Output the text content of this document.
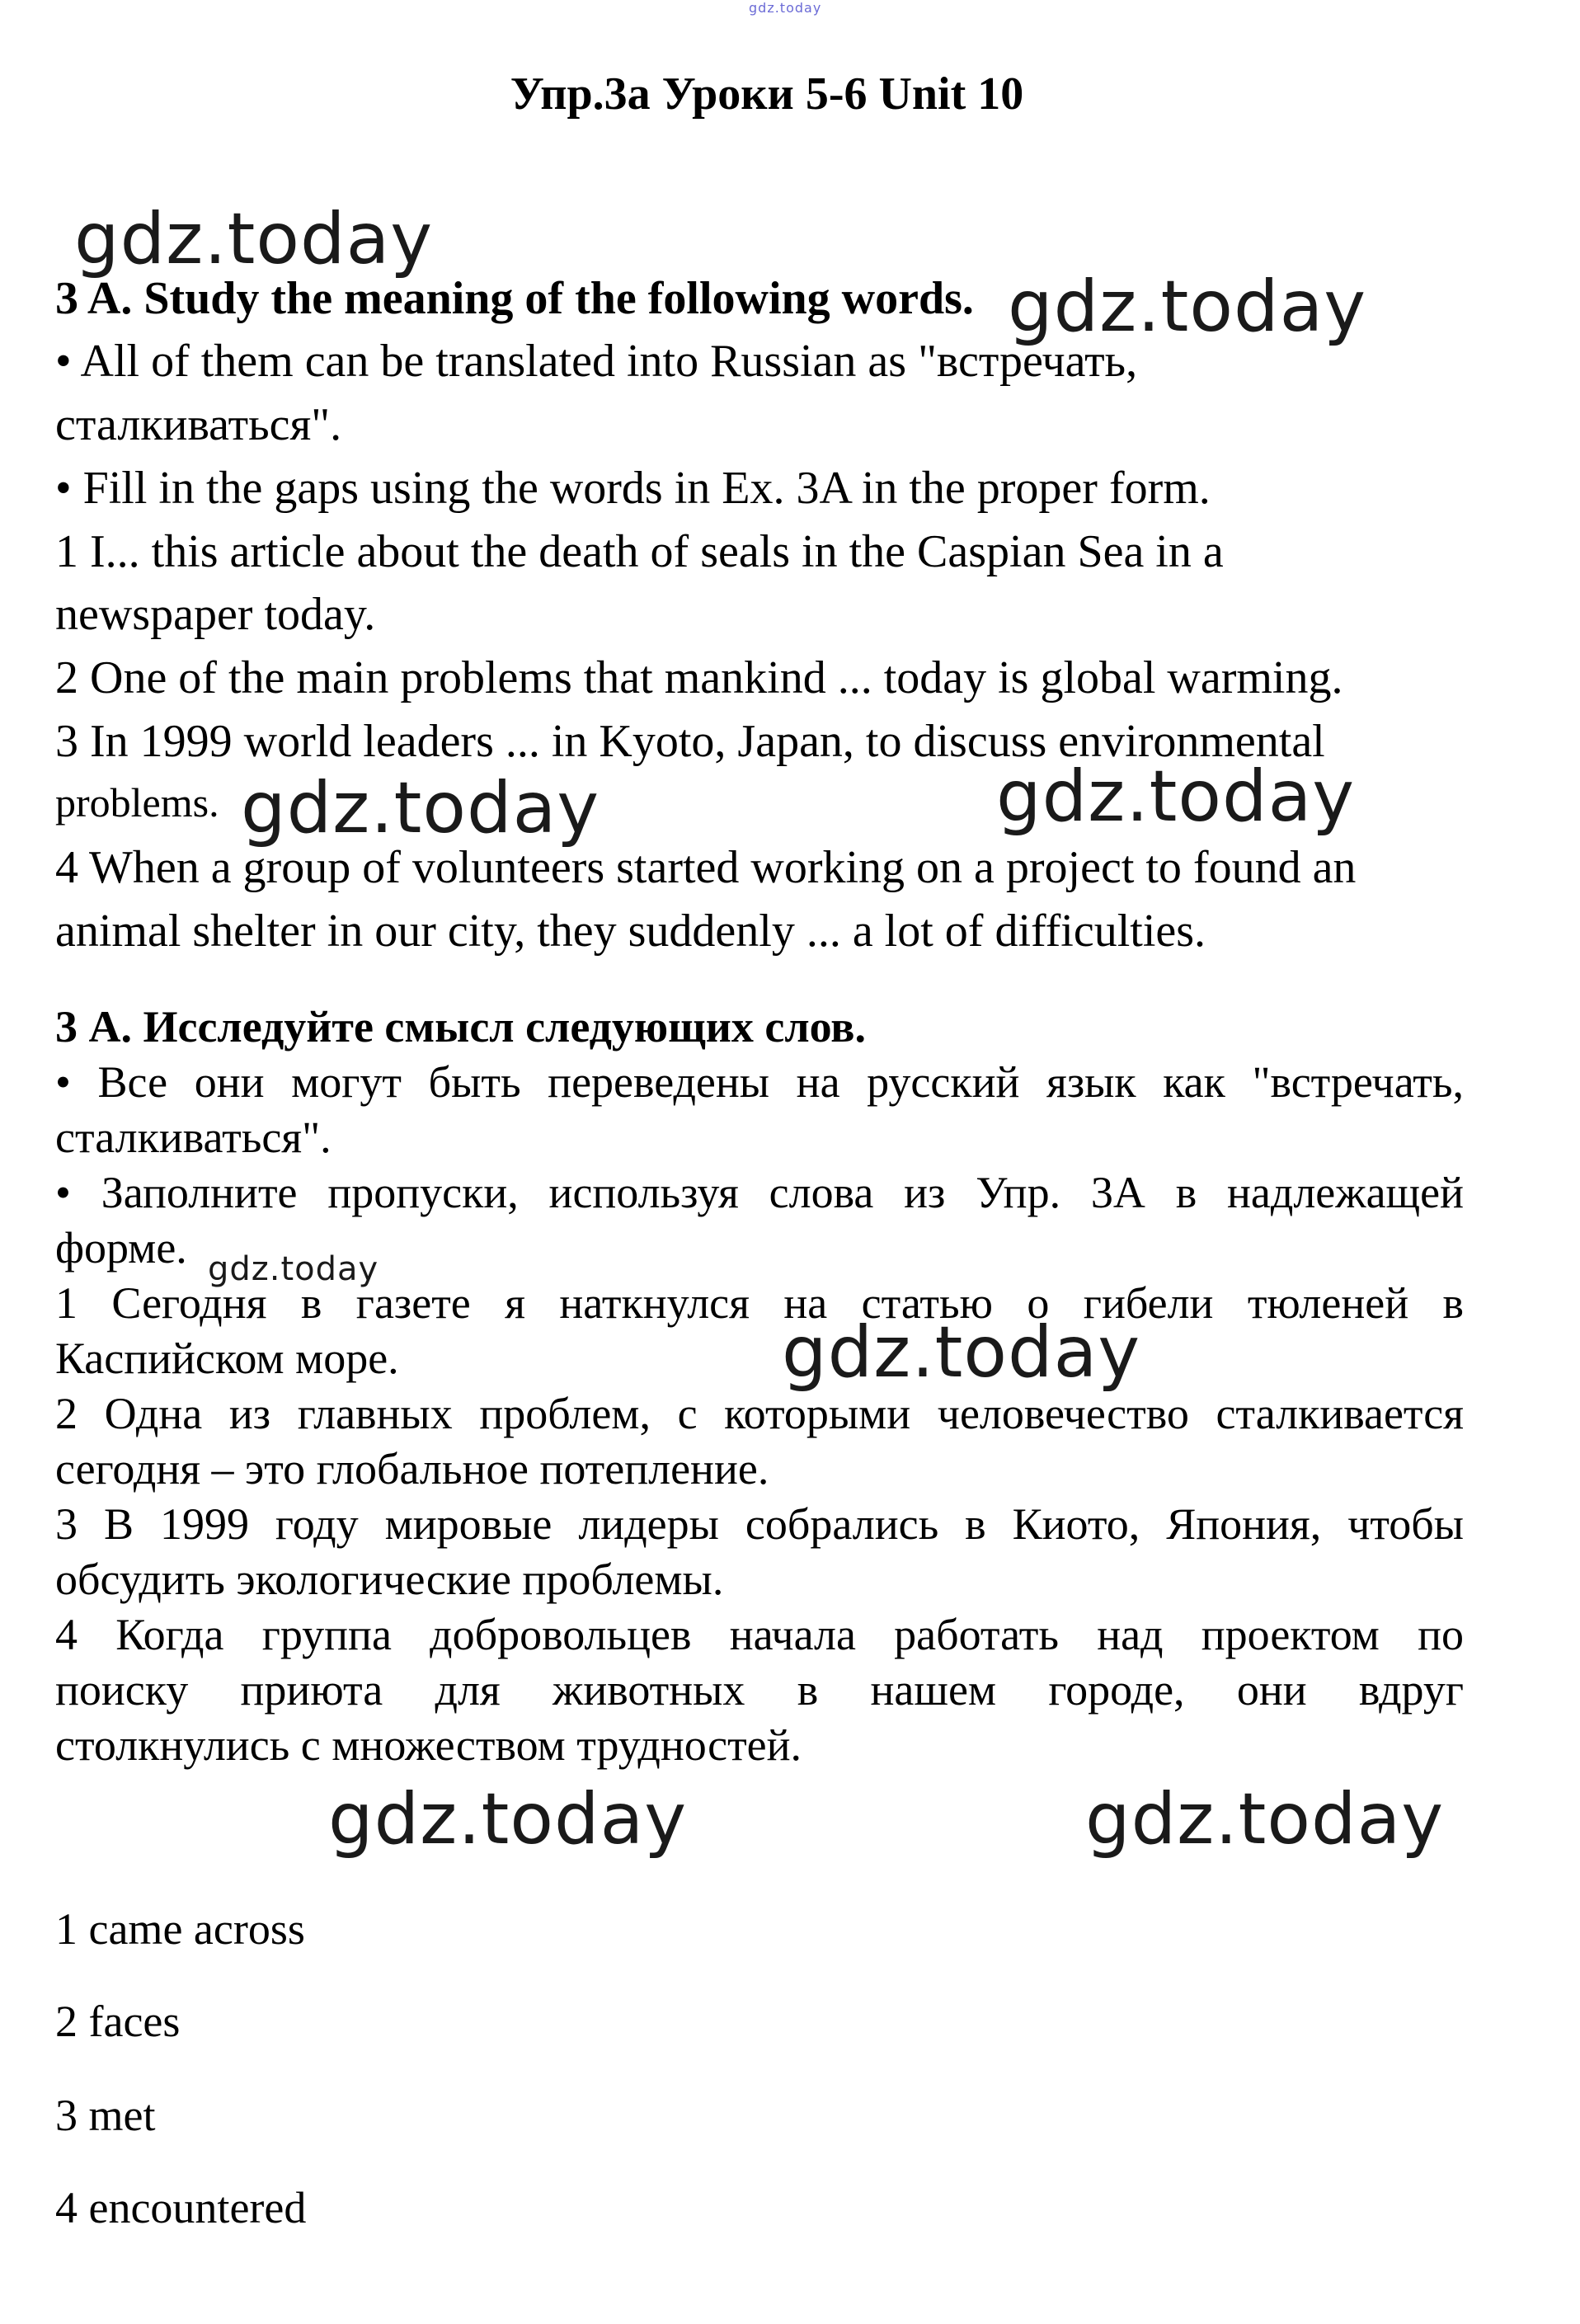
gdz.today
gdz.today
gdz.today
gdz.today	gdz.today
gdz.today
gdz.today
gdz.today	gdz.today
Упр.3а Уроки 5-6 Unit 10
3 A. Study the meaning of the following words.
• All of them can be translated into Russian as "встречать,
сталкиваться".
• Fill in the gaps using the words in Ex. 3A in the proper form.
1 I... this article about the death of seals in the Caspian Sea in a
newspaper today.
2 One of the main problems that mankind ... today is global warming.
3 In 1999 world leaders ... in Kyoto, Japan, to discuss environmental
problems.
4 When a group of volunteers started working on a project to found an
animal shelter in our city, they suddenly ... a lot of difficulties.
3 А. Исследуйте смысл следующих слов.
• Все они могут быть переведены на русский язык как "встречать,
сталкиваться".
• Заполните пропуски, используя слова из Упр. 3А в надлежащей
форме.
1 Сегодня в газете я наткнулся на статью о гибели тюленей в
Каспийском море.
2 Одна из главных проблем, с которыми человечество сталкивается
сегодня – это глобальное потепление.
3 В 1999 году мировые лидеры собрались в Киото, Япония, чтобы
обсудить экологические проблемы.
4 Когда группа добровольцев начала работать над проектом по
поиску приюта для животных в нашем городе, они вдруг
столкнулись с множеством трудностей.
1 came across
2 faces
3 met
4 encountered
